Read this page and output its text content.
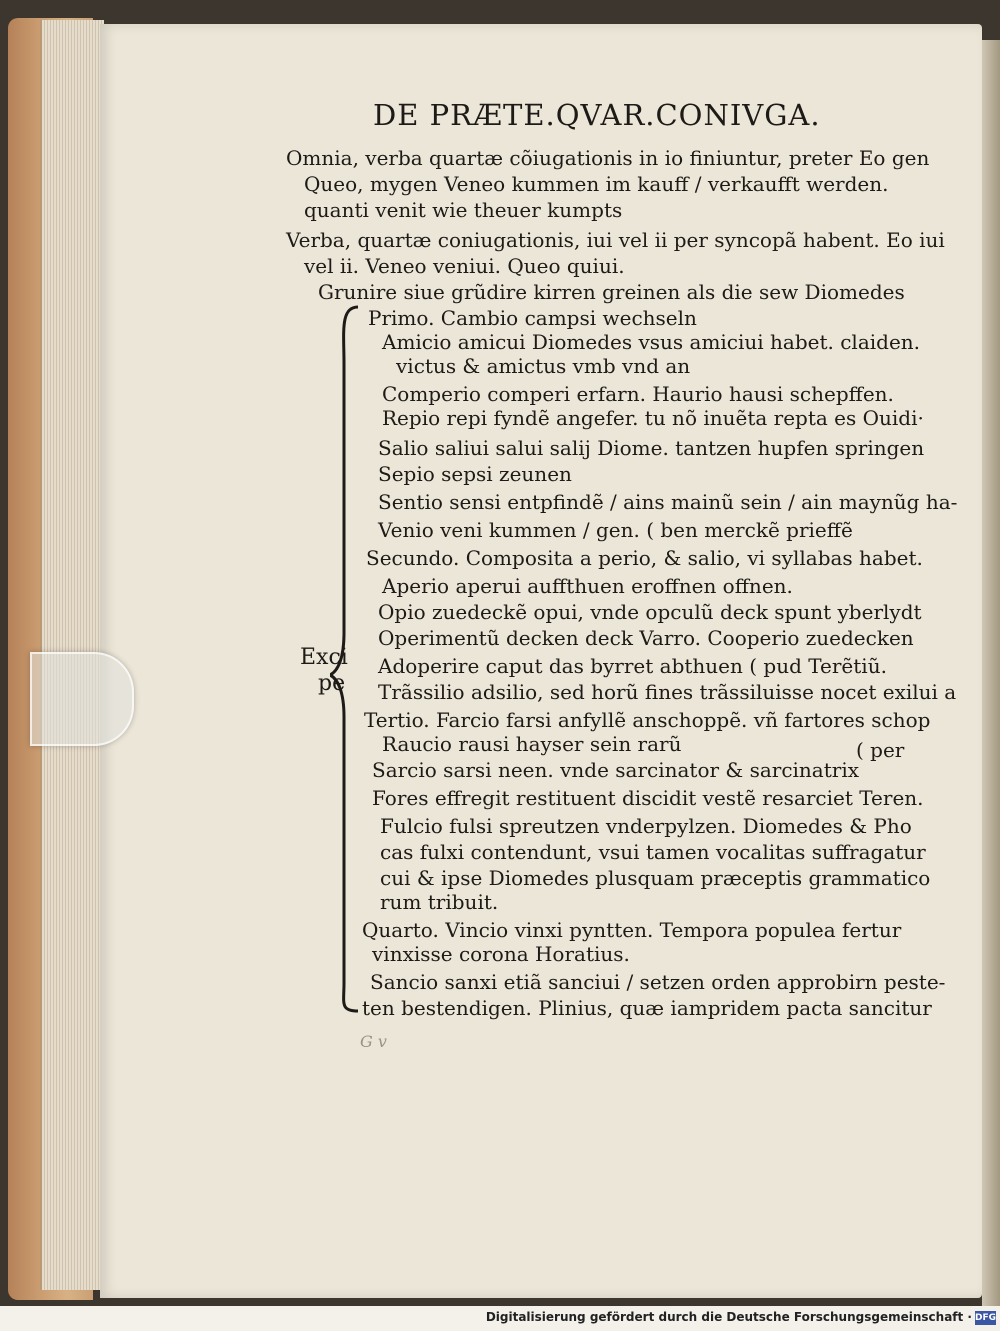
DE PRÆTE.QVAR.CONIVGA.
Omnia, verba quartæ cõiugationis in io finiuntur, preter Eo gen
Queo, mygen Veneo kummen im kauff / verkaufft werden.
quanti venit wie theuer kumpts
Verba, quartæ coniugationis, iui vel ii per syncopã habent. Eo iui
vel ii. Veneo veniui. Queo quiui.
Grunire siue grũdire kirren greinen als die sew Diomedes
Primo. Cambio campsi wechseln
Amicio amicui Diomedes vsus amiciui habet. claiden.
victus & amictus vmb vnd an
Comperio comperi erfarn. Haurio hausi schepffen.
Repio repi fyndẽ angefer. tu nõ inuẽta repta es Ouidi·
Salio saliui salui salij Diome. tantzen hupfen springen
Sepio sepsi zeunen
Sentio sensi entpfindẽ / ains mainũ sein / ain maynũg ha-
Venio veni kummen / gen. ( ben merckẽ prieffẽ
Secundo. Composita a perio, & salio, vi syllabas habet.
Aperio aperui auffthuen eroffnen offnen.
Opio zuedeckẽ opui, vnde opculũ deck spunt yberlydt
Operimentũ decken deck Varro. Cooperio zuedecken
Exci Adoperire caput das byrret abthuen ( pud Terẽtiũ.
pe Trãssilio adsilio, sed horũ fines trãssiluisse nocet exilui a
Tertio. Farcio farsi anfyllẽ anschoppẽ. vñ fartores schop
Raucio rausi hayser sein rarũ	( per
Sarcio sarsi neen. vnde sarcinator & sarcinatrix
Fores effregit restituent discidit vestẽ resarciet Teren.
Fulcio fulsi spreutzen vnderpylzen. Diomedes & Pho
cas fulxi contendunt, vsui tamen vocalitas suffragatur
cui & ipse Diomedes plusquam præceptis grammatico
rum tribuit.
Quarto. Vincio vinxi pyntten. Tempora populea fertur
vinxisse corona Horatius.
Sancio sanxi etiã sanciui / setzen orden approbirn peste-
ten bestendigen. Plinius, quæ iampridem pacta sancitur
G v
Digitalisierung gefördert durch die Deutsche Forschungsgemeinschaft · DFG
